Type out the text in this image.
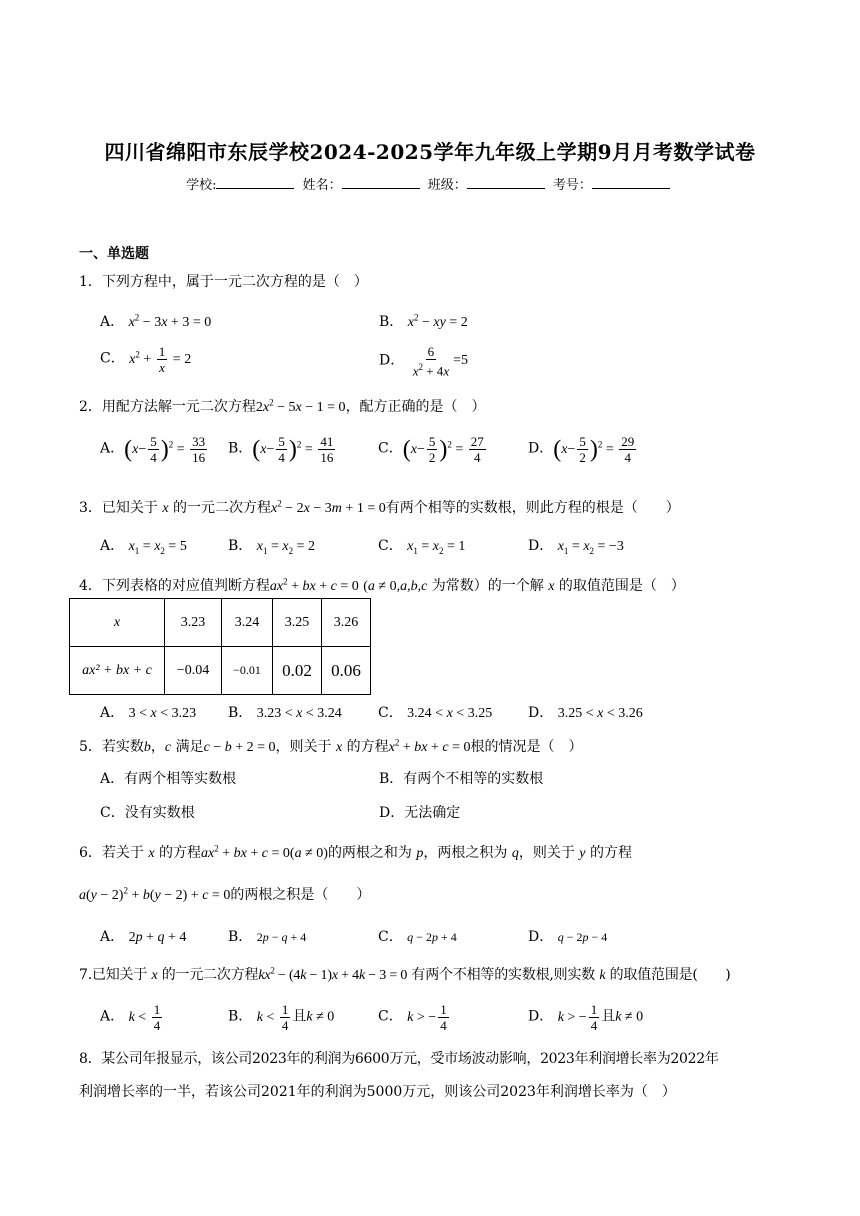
四川省绵阳市东辰学校2024-2025学年九年级上学期9月月考数学试卷
学校:	姓名：	班级：	考号：
一、单选题
1．下列方程中，属于一元二次方程的是（　）
A． $x^2 - 3x + 3 = 0$	B． $x^2$ − xy = 2
C． $x^2 + \frac{1}{x} = 2$	D． $\frac{6}{x^2 + 4x} =5$
2．用配方法解一元二次方程$2x^2 - 5x - 1 = 0$，配方正确的是（　）
A．$(x- \frac{5}{4} )^2 = \frac{33}{16}$ B．$(x- \frac{5}{4} )^2 = \frac{41}{16}$	C．$(x- \frac{5}{2} )^2 = \frac{27}{4}$	D．$(x- \frac{5}{2} )^2 = \frac{29}{4}$
3．已知关于 x 的一元二次方程$x^2 - 2x - 3m + 1 = 0$有两个相等的实数根，则此方程的根是（　　）
A． $x_1 = x_2 = 5$	B． $x_1 = x_2 = 2$	C． $x_1 = x_2 = 1$	D． $x_1 = x_2 = -3$
4．下列表格的对应值判断方程$ax^2$ + bx + c = 0 (a ≠ 0,a,b,c 为常数）的一个解 x 的取值范围是（　）
x	3.23	3.24	3.25	3.26
ax² + bx + c	−0.04	−0.01	0.02	0.06
A． 3 < x < 3.23 B． 3.23 < x < 3.24	C． 3.24 < x < 3.25	D． 3.25 < x < 3.26
5．若实数b，c 满足c − b + 2 = 0，则关于 x 的方程$x^2$ + bx + c = 0根的情况是（　）
A．有两个相等实数根	B．有两个不相等的实数根
C．没有实数根	D．无法确定
6．若关于 x 的方程$ax^2$ + bx + c = 0(a ≠ 0)的两根之和为 p，两根之积为 q，则关于 y 的方程
$a(y - 2)^2 + b(y - 2) + c = 0$的两根之积是（　　）
A． 2p + q + 4	B． 2p − q + 4	C． q − 2p + 4	D． q − 2p − 4
7.已知关于 x 的一元二次方程$kx^2 - (4k - 1)x + 4k - 3 = 0$ 有两个不相等的实数根,则实数 k 的取值范围是(　　)
A． $k < \frac{1}{4}$	B． $k < \frac{1}{4}$ 且k ≠ 0	C． k > − $\frac{1}{4}$	D． k > − $\frac{1}{4}$ 且k ≠ 0
8．某公司年报显示，该公司2023年的利润为6600万元，受市场波动影响，2023年利润增长率为2022年
利润增长率的一半，若该公司2021年的利润为5000万元，则该公司2023年利润增长率为（　）
